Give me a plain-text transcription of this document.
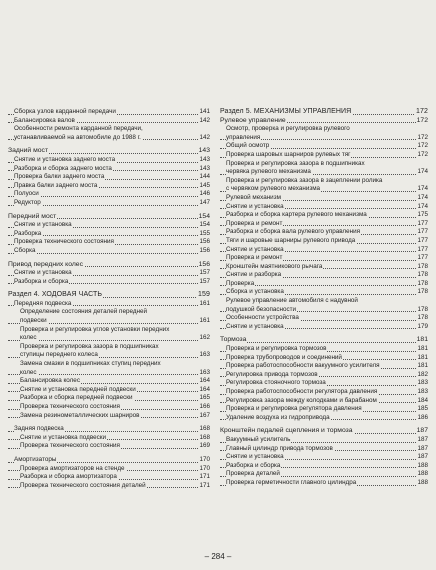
Сборка узлов карданной передачи	141
Балансировка валов	142
Особенности ремонта карданной передачи,
устанавливаемой на автомобиле до 1988 г.	142
Задний мост	143
Снятие и установка заднего моста	143
Разборка и сборка заднего моста	143
Проверка балки заднего моста	144
Правка балки заднего моста	145
Полуоси	146
Редуктор	147
Передний мост	154
Снятие и установка	154
Разборка	155
Проверка технического состояния	156
Сборка	156
Привод передних колес	156
Снятие и установка	157
Разборка и сборка	157
Раздел 4. ХОДОВАЯ ЧАСТЬ	159
Передняя подвеска	161
Определение состояния деталей передней
подвески	161
Проверка и регулировка углов установки передних
колес	162
Проверка и регулировка зазора в подшипниках
ступицы переднего колеса	163
Замена смазки в подшипниках ступиц передних
колес	163
Балансировка колес	164
Снятие и установка передней подвески	164
Разборка и сборка передней подвески	165
Проверка технического состояния	166
Замена резинометаллических шарниров	167
Задняя подвеска	168
Снятие и установка подвески	168
Проверка технического состояния	169
Амортизаторы	170
Проверка амортизаторов на стенде	170
Разборка и сборка амортизатора	171
Проверка технического состояния деталей	171
Раздел 5. МЕХАНИЗМЫ УПРАВЛЕНИЯ	172
Рулевое управление	172
Осмотр, проверка и регулировка рулевого
управления	172
Общий осмотр	172
Проверка шаровых шарниров рулевых тяг	172
Проверка и регулировка зазора в подшипниках
червяка рулевого механизма	174
Проверка и регулировка зазора в зацеплении ролика
с червяком рулевого механизма	174
Рулевой механизм	174
Снятие и установка	174
Разборка и сборка картера рулевого механизма	175
Проверка и ремонт	177
Разборка и сборка вала рулевого управления	177
Тяги и шаровые шарниры рулевого привода	177
Снятие и установка	177
Проверка и ремонт	177
Кронштейн маятникового рычага	178
Снятие и разборка	178
Проверка	178
Сборка и установка	178
Рулевое управление автомобиля с надувной
подушкой безопасности	178
Особенности устройства	178
Снятие и установка	179
Тормоза	181
Проверка и регулировка тормозов	181
Проверка трубопроводов и соединений	181
Проверка работоспособности вакуумного усилителя	181
Регулировка привода тормозов	182
Регулировка стояночного тормоза	183
Проверка работоспособности регулятора давления	183
Регулировка зазора между колодками и барабаном	184
Проверка и регулировка регулятора давления	185
Удаление воздуха из гидропривода	186
Кронштейн педалей сцепления и тормоза	187
Вакуумный усилитель	187
Главный цилиндр привода тормозов	187
Снятие и установка	187
Разборка и сборка	188
Проверка деталей	188
Проверка герметичности главного цилиндра	188
– 284 –
